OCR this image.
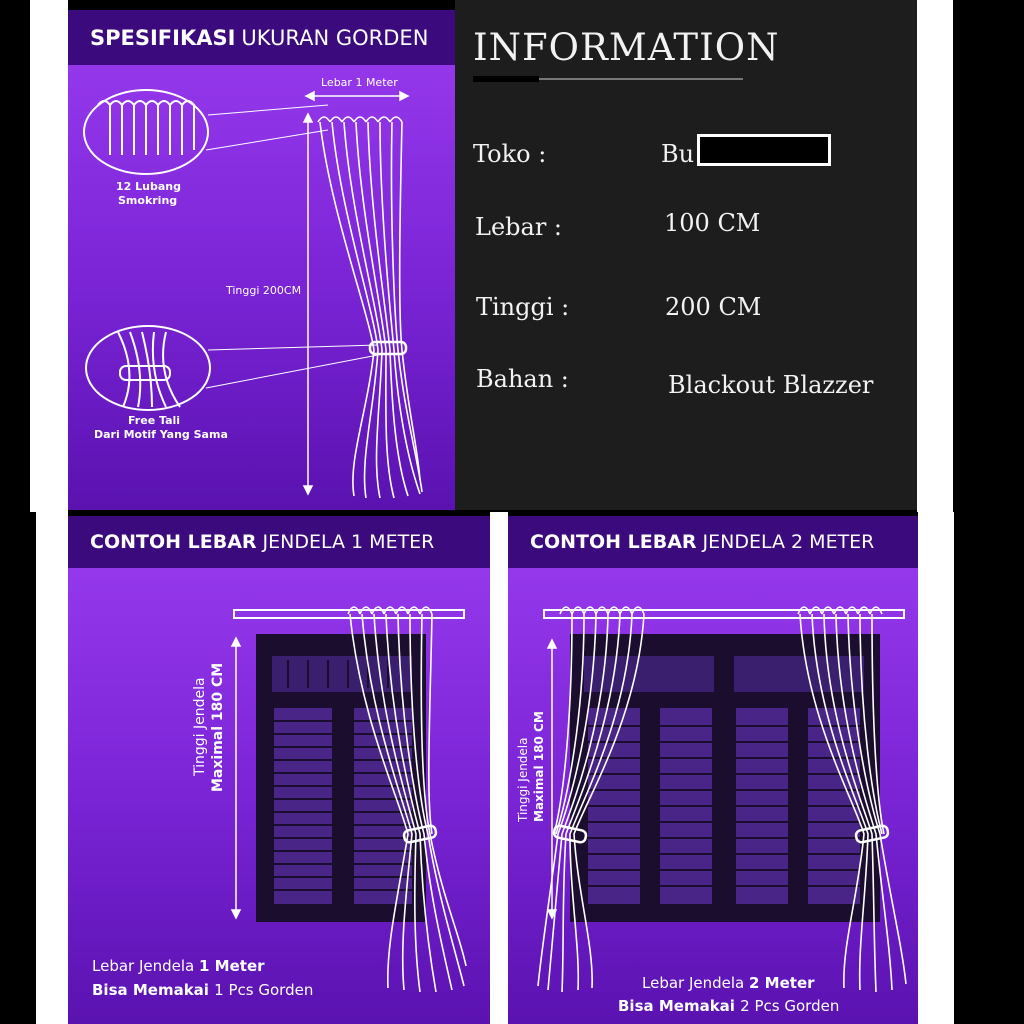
SPESIFIKASI UKURAN GORDEN
Lebar 1 Meter
12 Lubang
Smokring
Tinggi 200CM
Free Tali
Dari Motif Yang Sama
INFORMATION
Toko :	Bu
Lebar :	100 CM
Tinggi :	200 CM
Bahan :	Blackout Blazzer
CONTOH LEBAR JENDELA 1 METER
Tinggi Jendela Maximal 180 CM
Lebar Jendela 1 Meter
Bisa Memakai 1 Pcs Gorden
CONTOH LEBAR JENDELA 2 METER
Tinggi Jendela Maximal 180 CM
Lebar Jendela 2 Meter
Bisa Memakai 2 Pcs Gorden
